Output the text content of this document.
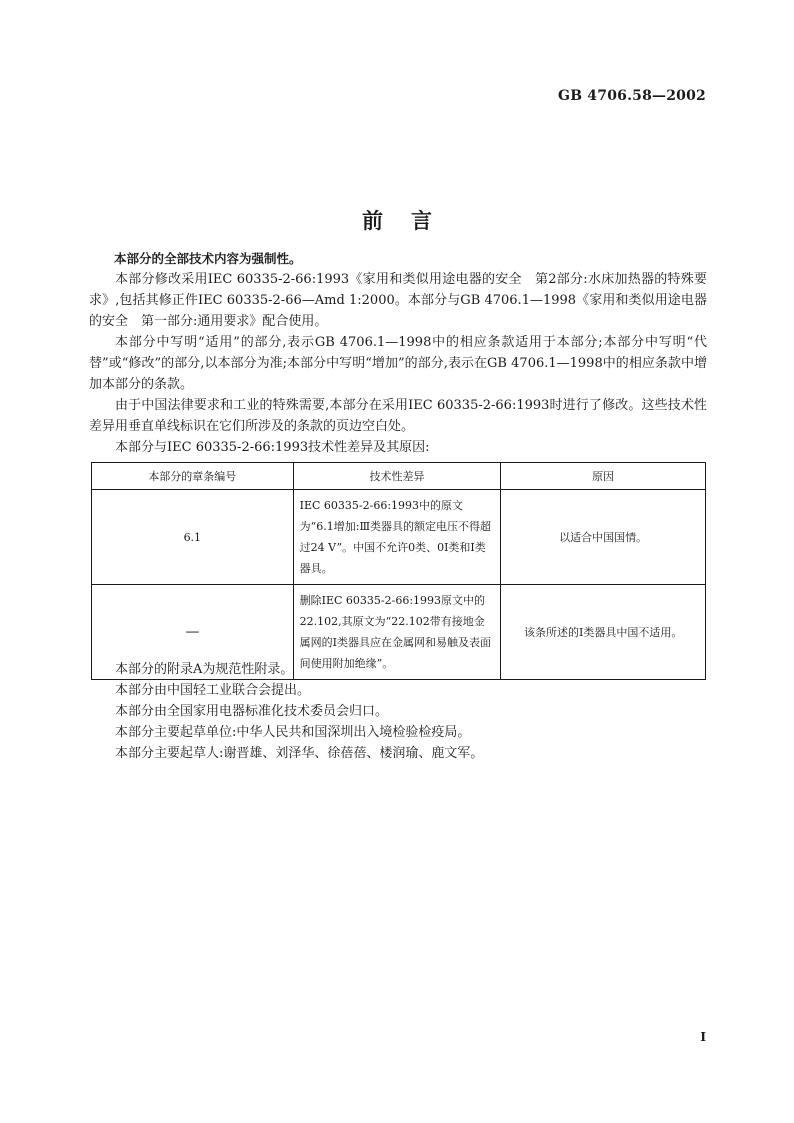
GB 4706.58—2002
前言

本部分的全部技术内容为强制性。

本部分修改采用IEC 60335-2-66:1993《家用和类似用途电器的安全　第2部分:水床加热器的特殊要求》,包括其修正件IEC 60335-2-66—Amd 1:2000。本部分与GB 4706.1—1998《家用和类似用途电器的安全　第一部分:通用要求》配合使用。

本部分中写明“适用”的部分,表示GB 4706.1—1998中的相应条款适用于本部分;本部分中写明“代替”或“修改”的部分,以本部分为准;本部分中写明“增加”的部分,表示在GB 4706.1—1998中的相应条款中增加本部分的条款。

由于中国法律要求和工业的特殊需要,本部分在采用IEC 60335-2-66:1993时进行了修改。这些技术性差异用垂直单线标识在它们所涉及的条款的页边空白处。

本部分与IEC 60335-2-66:1993技术性差异及其原因:

本部分的章条编号	技术性差异	原因
6.1	IEC 60335-2-66:1993中的原文为“6.1增加:Ⅲ类器具的额定电压不得超过24 V”。中国不允许0类、0Ⅰ类和Ⅰ类器具。	以适合中国国情。
—	删除IEC 60335-2-66:1993原文中的22.102,其原文为“22.102带有接地金属网的Ⅰ类器具应在金属网和易触及表面间使用附加绝缘”。	该条所述的Ⅰ类器具中国不适用。

本部分的附录A为规范性附录。

本部分由中国轻工业联合会提出。

本部分由全国家用电器标准化技术委员会归口。

本部分主要起草单位:中华人民共和国深圳出入境检验检疫局。

本部分主要起草人:谢晋雄、刘泽华、徐蓓蓓、楼润瑜、鹿文军。

Ⅰ
